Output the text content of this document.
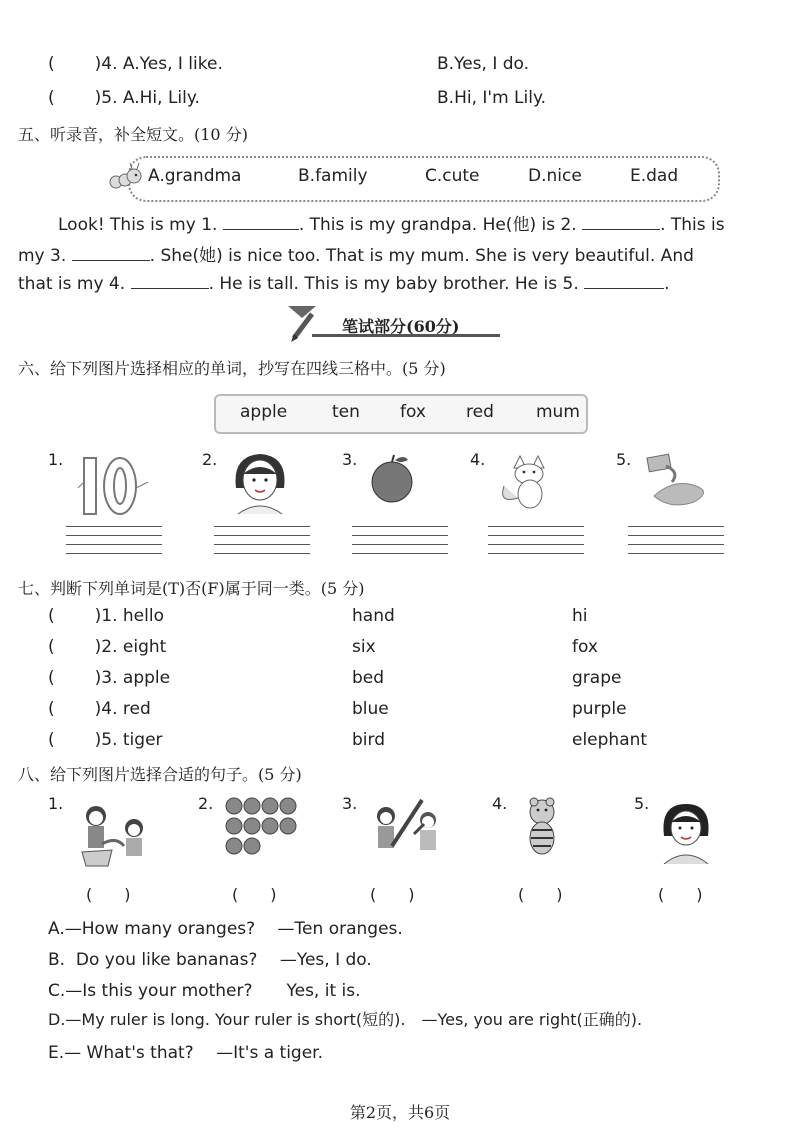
( )4. A.Yes, I like.	B.Yes, I do.
( )5. A.Hi, Lily.	B.Hi, I'm Lily.
五、听录音，补全短文。(10 分)
A.grandma	B.family	C.cute	D.nice	E.dad
Look! This is my 1.	. This is my grandpa. He(他) is 2.	. This is
my 3.	. She(她) is nice too. That is my mum. She is very beautiful. And
that is my 4.	. He is tall. This is my baby brother. He is 5.	.
笔试部分(60分)
六、给下列图片选择相应的单词，抄写在四线三格中。(5 分)
apple	ten fox red mum
1.	2.	3.	4.	5.
七、判断下列单词是(T)否(F)属于同一类。(5 分)
( )1. hello	hand	hi
( )2. eight	six	fox
( )3. apple	bed	grape
( )4. red	blue	purple
( )5. tiger	bird	elephant
八、给下列图片选择合适的句子。(5 分)
1.	2.	3.	4.	5.
(　　)	(　　)	(　　)	(　　)	(　　)
A.—How many oranges?　 —Ten oranges.
B. Do you like bananas?　 —Yes, I do.
C.—Is this your mother?　　Yes, it is.
D.—My ruler is long. Your ruler is short(短的).　—Yes, you are right(正确的).
E.— What's that?　 —It's a tiger.
第2页，共6页
